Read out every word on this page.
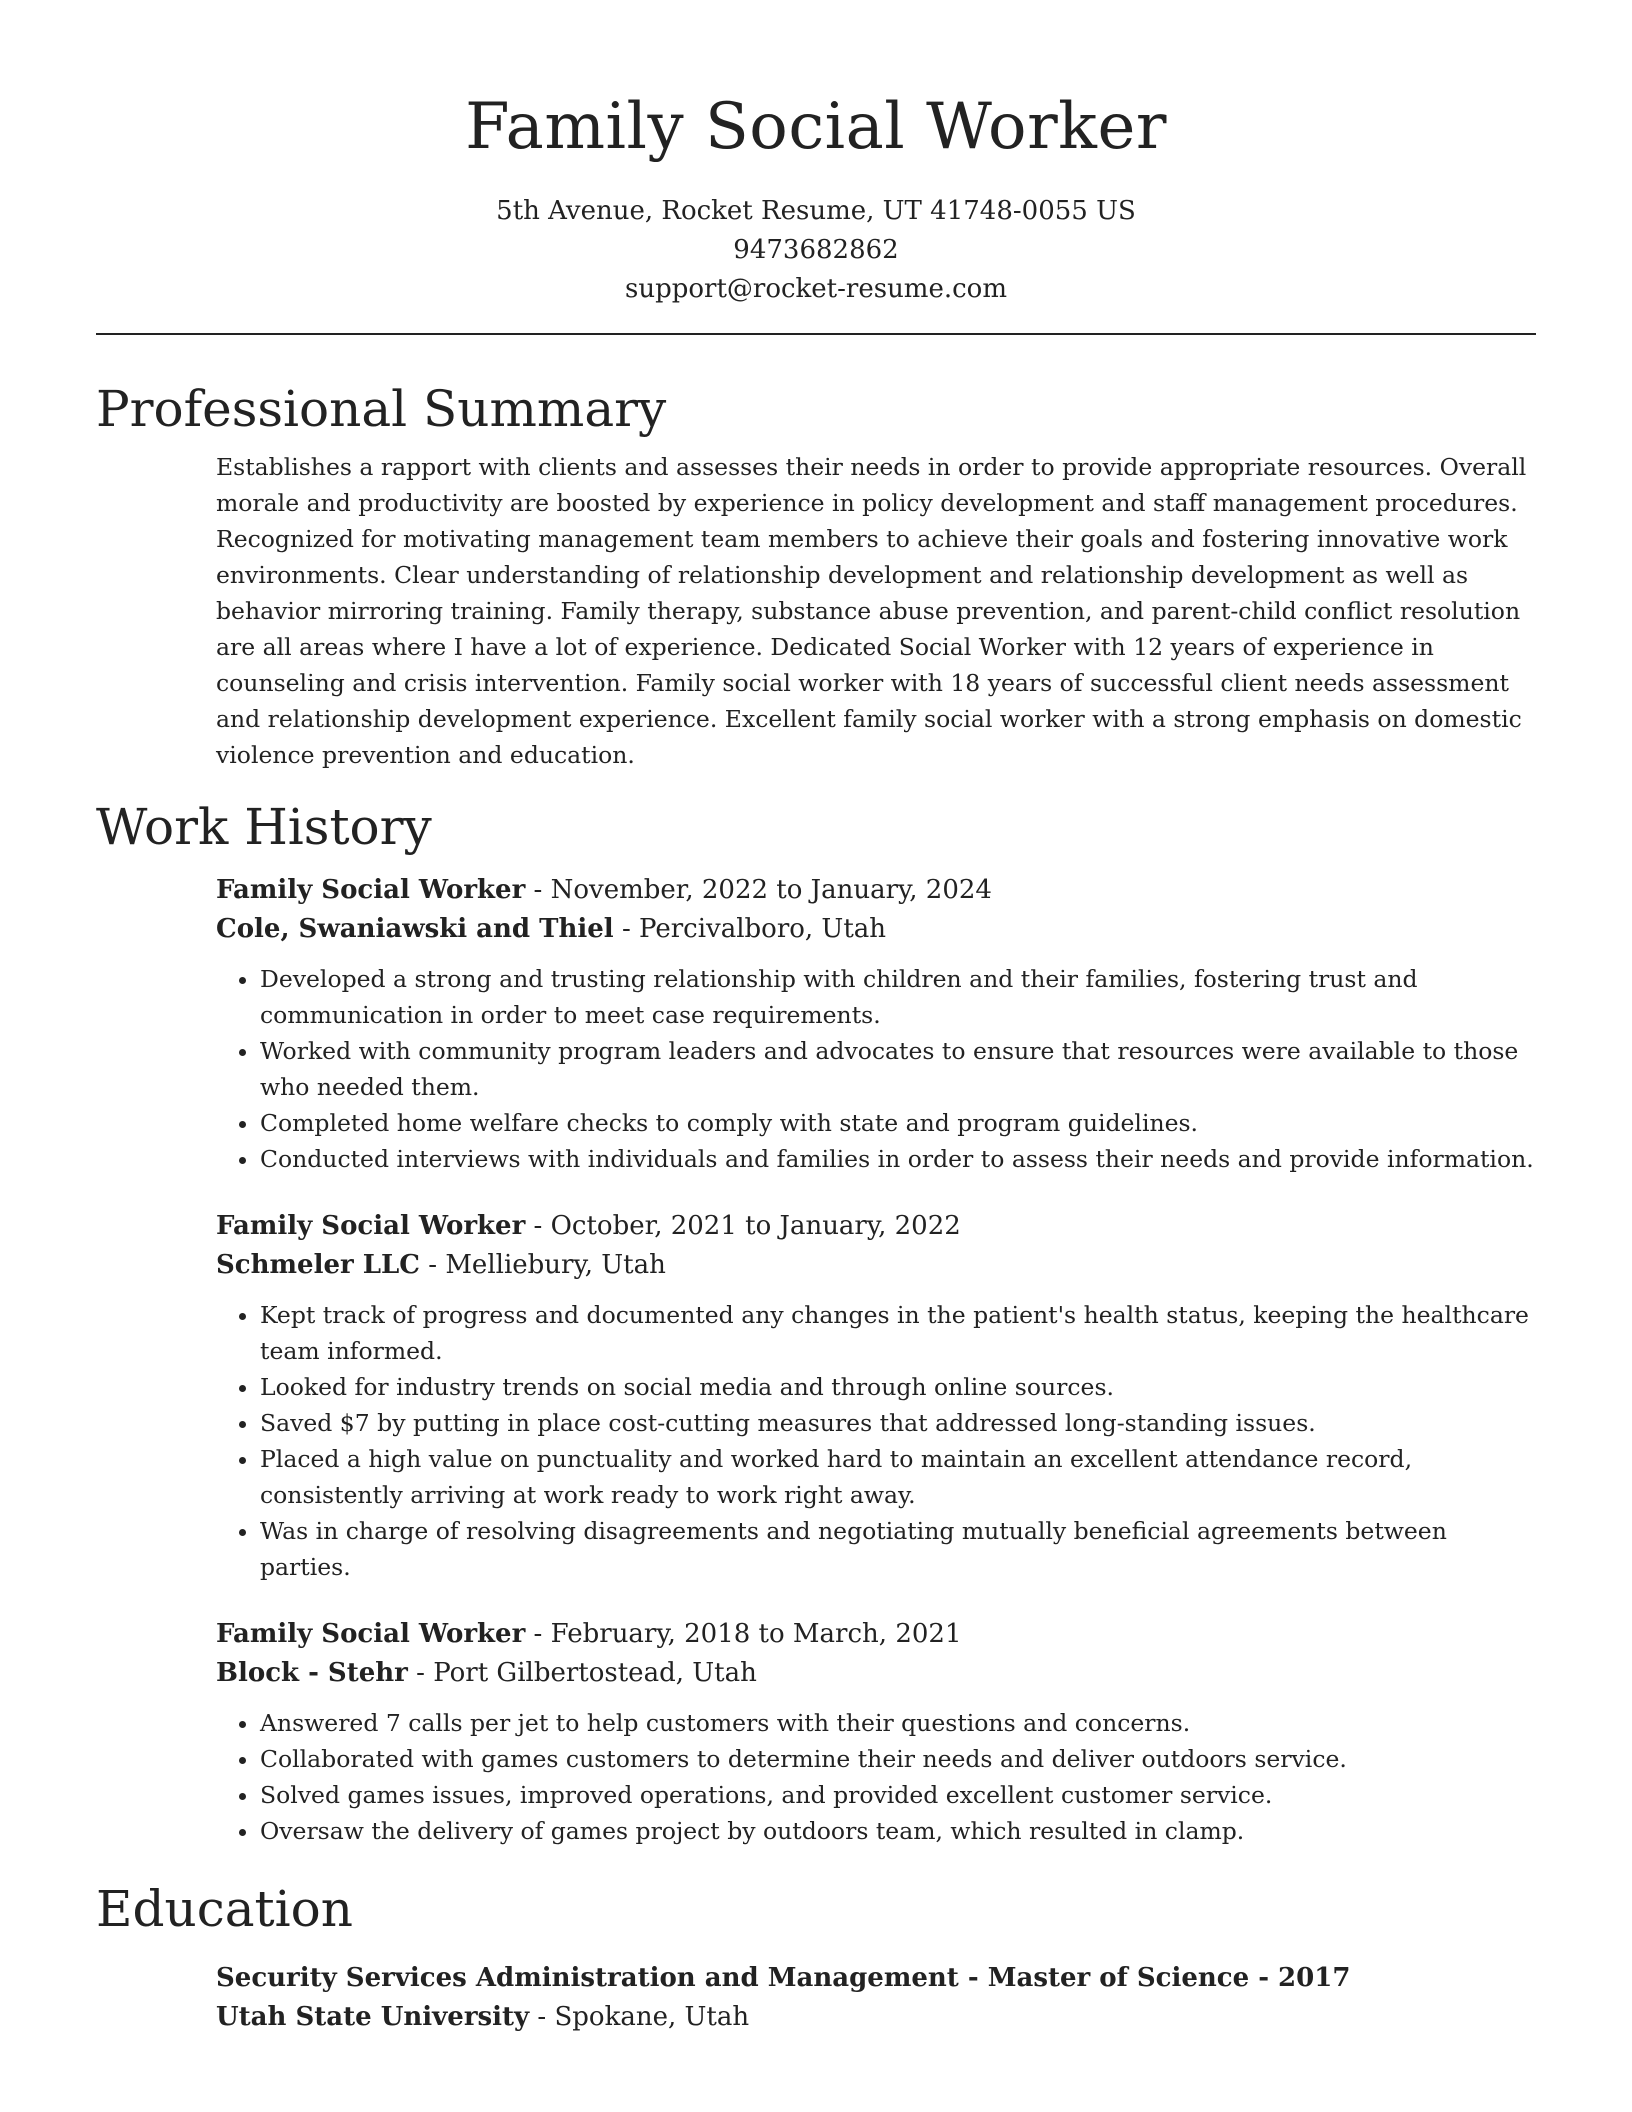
Family Social Worker
5th Avenue, Rocket Resume, UT 41748-0055 US
9473682862
support@rocket-resume.com
Professional Summary

Establishes a rapport with clients and assesses their needs in order to provide appropriate resources. Overall morale and productivity are boosted by experience in policy development and staff management procedures. Recognized for motivating management team members to achieve their goals and fostering innovative work environments. Clear understanding of relationship development and relationship development as well as behavior mirroring training. Family therapy, substance abuse prevention, and parent-child conflict resolution are all areas where I have a lot of experience. Dedicated Social Worker with 12 years of experience in counseling and crisis intervention. Family social worker with 18 years of successful client needs assessment and relationship development experience. Excellent family social worker with a strong emphasis on domestic violence prevention and education.

Work History
Family Social Worker - November, 2022 to January, 2024
Cole, Swaniawski and Thiel - Percivalboro, Utah
• Developed a strong and trusting relationship with children and their families, fostering trust and communication in order to meet case requirements.
• Worked with community program leaders and advocates to ensure that resources were available to those who needed them.
• Completed home welfare checks to comply with state and program guidelines.
• Conducted interviews with individuals and families in order to assess their needs and provide information.
Family Social Worker - October, 2021 to January, 2022
Schmeler LLC - Melliebury, Utah
• Kept track of progress and documented any changes in the patient's health status, keeping the healthcare team informed.
• Looked for industry trends on social media and through online sources.
• Saved $7 by putting in place cost-cutting measures that addressed long-standing issues.
• Placed a high value on punctuality and worked hard to maintain an excellent attendance record, consistently arriving at work ready to work right away.
• Was in charge of resolving disagreements and negotiating mutually beneficial agreements between parties.
Family Social Worker - February, 2018 to March, 2021
Block - Stehr - Port Gilbertostead, Utah
• Answered 7 calls per jet to help customers with their questions and concerns.
• Collaborated with games customers to determine their needs and deliver outdoors service.
• Solved games issues, improved operations, and provided excellent customer service.
• Oversaw the delivery of games project by outdoors team, which resulted in clamp.
Education
Security Services Administration and Management - Master of Science - 2017
Utah State University - Spokane, Utah
